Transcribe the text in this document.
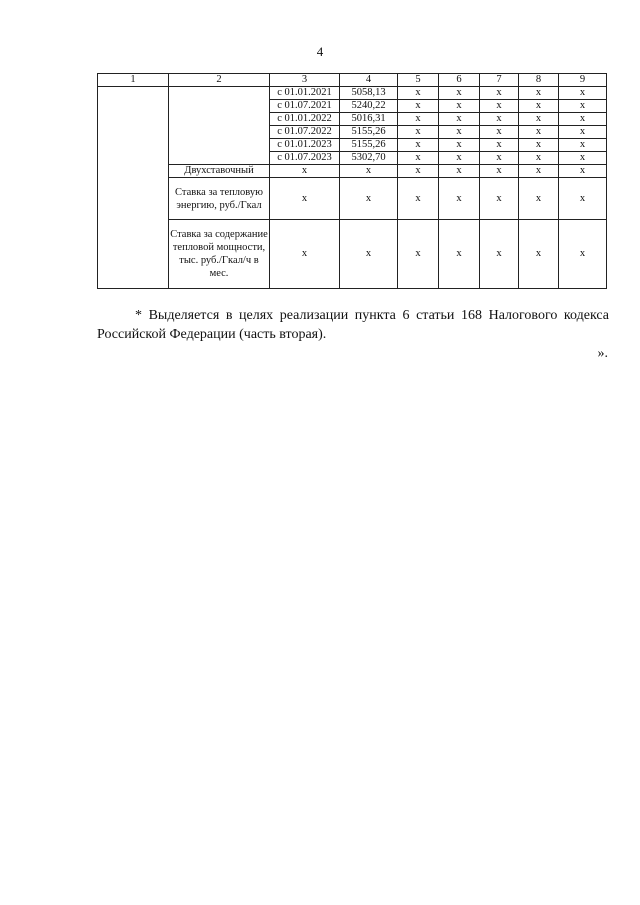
4
1	2	3	4	5	6	7	8	9
		с 01.01.2021	5058,13	x	x	x	x	x
		с 01.07.2021	5240,22	x	x	x	x	x
		с 01.01.2022	5016,31	x	x	x	x	x
		с 01.07.2022	5155,26	x	x	x	x	x
		с 01.01.2023	5155,26	x	x	x	x	x
		с 01.07.2023	5302,70	x	x	x	x	x
	Двухставочный	x	x	x	x	x	x	x
	Ставка за тепловую энергию, руб./Гкал	x	x	x	x	x	x	x
	Ставка за содержание тепловой мощности, тыс. руб./Гкал/ч в мес.	x	x	x	x	x	x	x
* Выделяется в целях реализации пункта 6 статьи 168 Налогового кодекса Российской Федерации (часть вторая).
».
